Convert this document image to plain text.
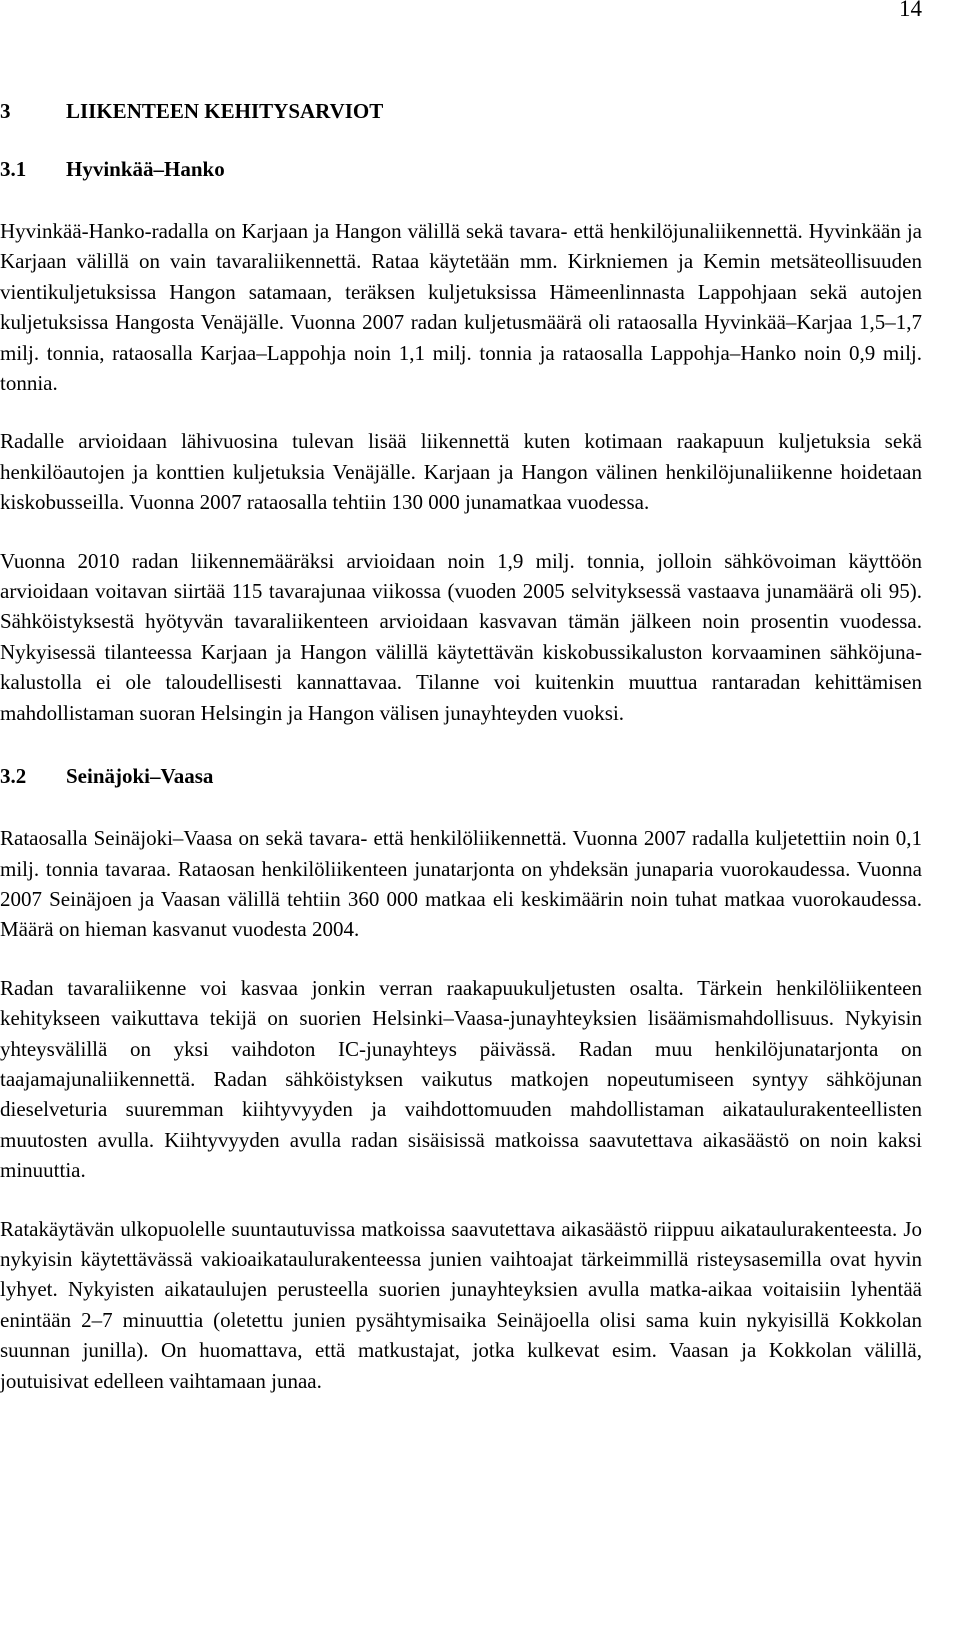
14
3	LIIKENTEEN KEHITYSARVIOT
3.1 Hyvinkää–Hanko

Hyvinkää-Hanko-radalla on Karjaan ja Hangon välillä sekä tavara- että henkilöjunaliikennettä. Hyvinkään ja Karjaan välillä on vain tavaraliikennettä. Rataa käytetään mm. Kirkniemen ja Kemin metsäteollisuuden vientikuljetuksissa Hangon satamaan, teräksen kuljetuksissa Hämeenlinnasta Lappohjaan sekä autojen kuljetuksissa Hangosta Venäjälle. Vuonna 2007 radan kuljetusmäärä oli rataosalla Hyvinkää–Karjaa 1,5–1,7 milj. tonnia, rataosalla Karjaa–Lappohja noin 1,1 milj. tonnia ja rataosalla Lappohja–Hanko noin 0,9 milj. tonnia.

Radalle arvioidaan lähivuosina tulevan lisää liikennettä kuten kotimaan raakapuun kuljetuksia sekä henkilöautojen ja konttien kuljetuksia Venäjälle. Karjaan ja Hangon välinen henkilöjunaliikenne hoidetaan kiskobusseilla. Vuonna 2007 rataosalla tehtiin 130 000 junamatkaa vuodessa.

Vuonna 2010 radan liikennemääräksi arvioidaan noin 1,9 milj. tonnia, jolloin sähkövoiman käyttöön arvioidaan voitavan siirtää 115 tavarajunaa viikossa (vuoden 2005 selvityksessä vastaava junamäärä oli 95). Sähköistyksestä hyötyvän tavaraliikenteen arvioidaan kasvavan tämän jälkeen noin prosentin vuodessa. Nykyisessä tilanteessa Karjaan ja Hangon välillä käytettävän kiskobussikaluston korvaaminen sähköjunakalustolla ei ole taloudellisesti kannattavaa. Tilanne voi kuitenkin muuttua rantaradan kehittämisen mahdollistaman suoran Helsingin ja Hangon välisen junayhteyden vuoksi.

3.2 Seinäjoki–Vaasa

Rataosalla Seinäjoki–Vaasa on sekä tavara- että henkilöliikennettä. Vuonna 2007 radalla kuljetettiin noin 0,1 milj. tonnia tavaraa. Rataosan henkilöliikenteen junatarjonta on yhdeksän junaparia vuorokaudessa. Vuonna 2007 Seinäjoen ja Vaasan välillä tehtiin 360 000 matkaa eli keskimäärin noin tuhat matkaa vuorokaudessa. Määrä on hieman kasvanut vuodesta 2004.

Radan tavaraliikenne voi kasvaa jonkin verran raakapuukuljetusten osalta. Tärkein henkilöliikenteen kehitykseen vaikuttava tekijä on suorien Helsinki–Vaasa-junayhteyksien lisäämismahdollisuus. Nykyisin yhteysvälillä on yksi vaihdoton IC-junayhteys päivässä. Radan muu henkilöjunatarjonta on taajamajunaliikennettä. Radan sähköistyksen vaikutus matkojen nopeutumiseen syntyy sähköjunan dieselveturia suuremman kiihtyvyyden ja vaihdottomuuden mahdollistaman aikataulurakenteellisten muutosten avulla. Kiihtyvyyden avulla radan sisäisissä matkoissa saavutettava aikasäästö on noin kaksi minuuttia.

Ratakäytävän ulkopuolelle suuntautuvissa matkoissa saavutettava aikasäästö riippuu aikataulurakenteesta. Jo nykyisin käytettävässä vakioaikataulurakenteessa junien vaihtoajat tärkeimmillä risteysasemilla ovat hyvin lyhyet. Nykyisten aikataulujen perusteella suorien junayhteyksien avulla matka-aikaa voitaisiin lyhentää enintään 2–7 minuuttia (oletettu junien pysähtymisaika Seinäjoella olisi sama kuin nykyisillä Kokkolan suunnan junilla). On huomattava, että matkustajat, jotka kulkevat esim. Vaasan ja Kokkolan välillä, joutuisivat edelleen vaihtamaan junaa.
